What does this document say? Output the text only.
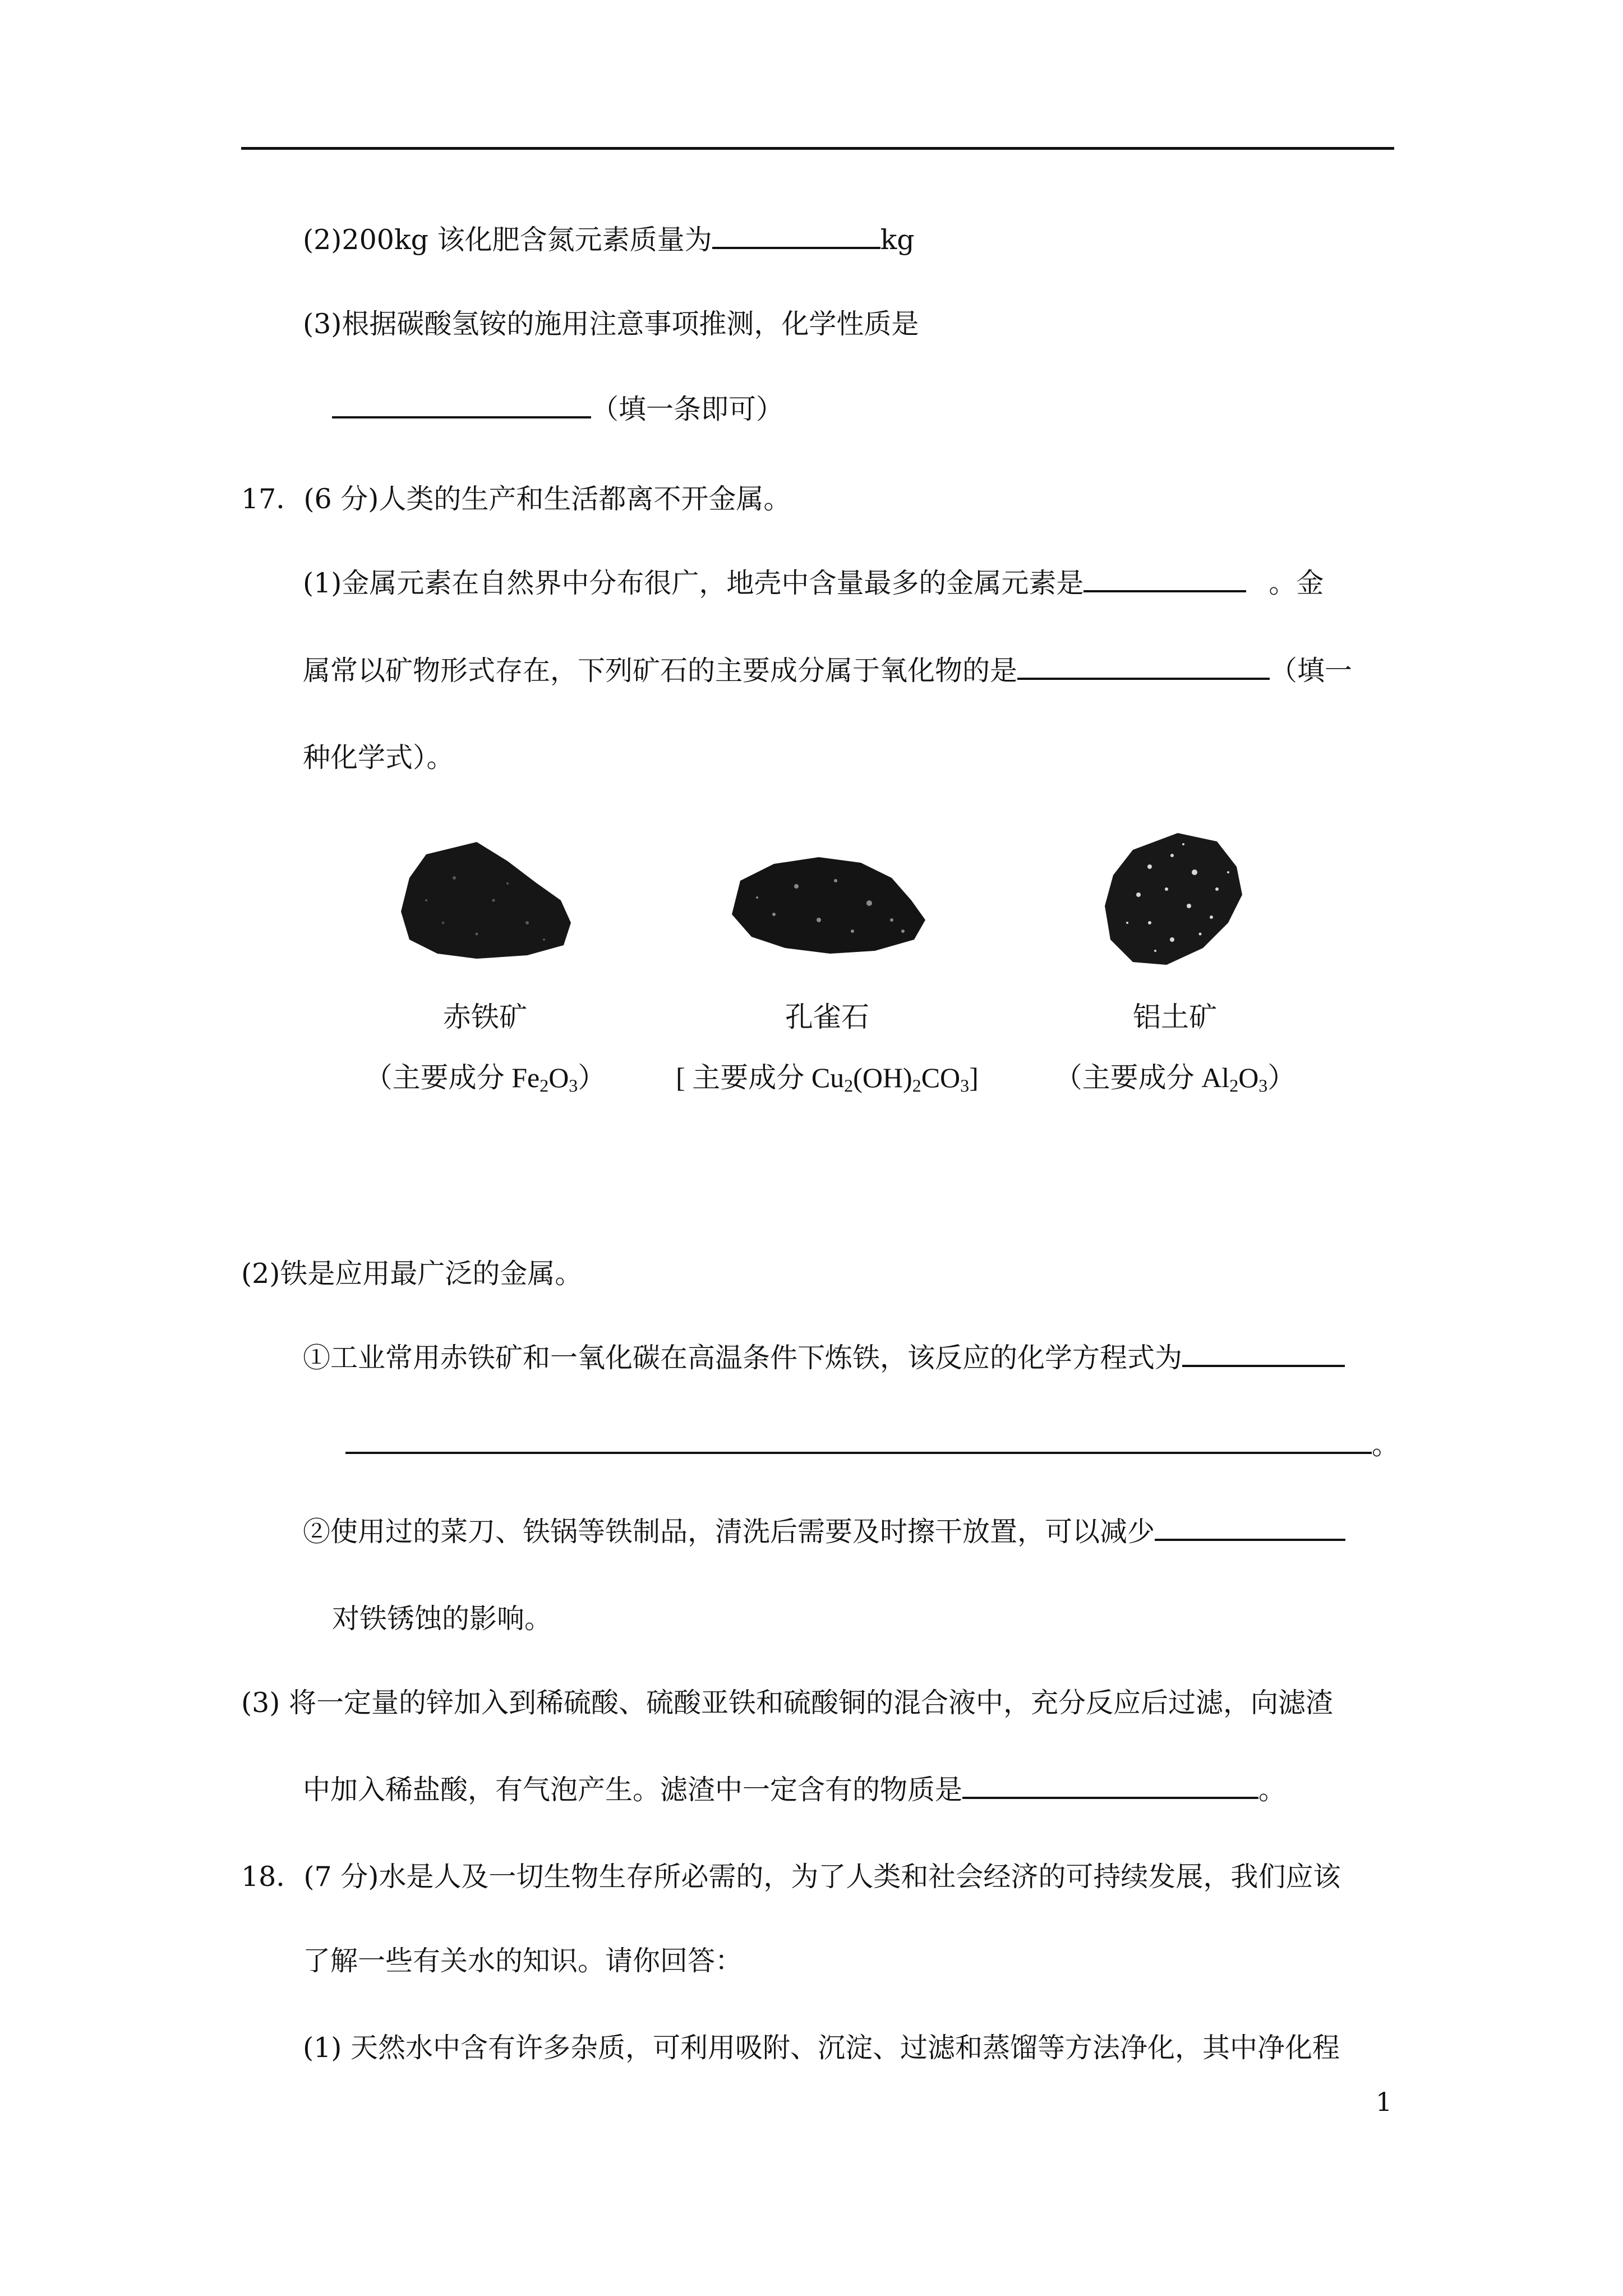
(2)200kg 该化肥含氮元素质量为	kg
(3)根据碳酸氢铵的施用注意事项推测，化学性质是
（填一条即可）
17．(6 分)人类的生产和生活都离不开金属。
(1)金属元素在自然界中分布很广，地壳中含量最多的金属元素是	。金
属常以矿物形式存在，下列矿石的主要成分属于氧化物的是	（填一
种化学式）。
赤铁矿	孔雀石	铝土矿
（主要成分 $Fe_2O_3$）	[ 主要成分 $Cu_2(OH)_2CO_3$]	（主要成分 $Al_2O_3$）
(2)铁是应用最广泛的金属。
①工业常用赤铁矿和一氧化碳在高温条件下炼铁，该反应的化学方程式为
。
②使用过的菜刀、铁锅等铁制品，清洗后需要及时擦干放置，可以减少
对铁锈蚀的影响。
(3) 将一定量的锌加入到稀硫酸、硫酸亚铁和硫酸铜的混合液中，充分反应后过滤，向滤渣
中加入稀盐酸，有气泡产生。滤渣中一定含有的物质是	。
18．(7 分)水是人及一切生物生存所必需的，为了人类和社会经济的可持续发展，我们应该
了解一些有关水的知识。请你回答：
(1) 天然水中含有许多杂质，可利用吸附、沉淀、过滤和蒸馏等方法净化，其中净化程
1
